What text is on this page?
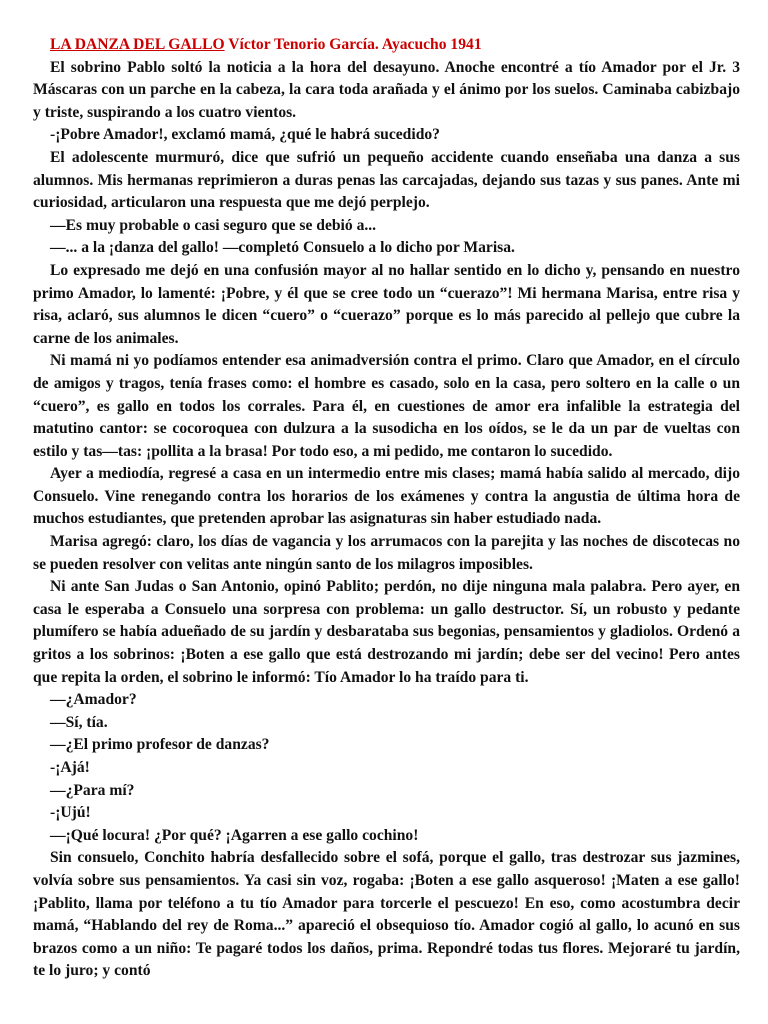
LA DANZA DEL GALLO Víctor Tenorio García. Ayacucho 1941

El sobrino Pablo soltó la noticia a la hora del desayuno. Anoche encontré a tío Amador por el Jr. 3 Máscaras con un parche en la cabeza, la cara toda arañada y el ánimo por los suelos. Caminaba cabizbajo y triste, suspirando a los cuatro vientos.

-¡Pobre Amador!, exclamó mamá, ¿qué le habrá sucedido?

El adolescente murmuró, dice que sufrió un pequeño accidente cuando enseñaba una danza a sus alumnos. Mis hermanas reprimieron a duras penas las carcajadas, dejando sus tazas y sus panes. Ante mi curiosidad, articularon una respuesta que me dejó perplejo.

—Es muy probable o casi seguro que se debió a...

—... a la ¡danza del gallo! —completó Consuelo a lo dicho por Marisa.

Lo expresado me dejó en una confusión mayor al no hallar sentido en lo dicho y, pensando en nuestro primo Amador, lo lamenté: ¡Pobre, y él que se cree todo un “cuerazo”! Mi hermana Marisa, entre risa y risa, aclaró, sus alumnos le dicen “cuero” o “cuerazo” porque es lo más parecido al pellejo que cubre la carne de los animales.

Ni mamá ni yo podíamos entender esa animadversión contra el primo. Claro que Amador, en el círculo de amigos y tragos, tenía frases como: el hombre es casado, solo en la casa, pero soltero en la calle o un “cuero”, es gallo en todos los corrales. Para él, en cuestiones de amor era infalible la estrategia del matutino cantor: se cocoroquea con dulzura a la susodicha en los oídos, se le da un par de vueltas con estilo y tas—tas: ¡pollita a la brasa! Por todo eso, a mi pedido, me contaron lo sucedido.

Ayer a mediodía, regresé a casa en un intermedio entre mis clases; mamá había salido al mercado, dijo Consuelo. Vine renegando contra los horarios de los exámenes y contra la angustia de última hora de muchos estudiantes, que pretenden aprobar las asignaturas sin haber estudiado nada.

Marisa agregó: claro, los días de vagancia y los arrumacos con la parejita y las noches de discotecas no se pueden resolver con velitas ante ningún santo de los milagros imposibles.

Ni ante San Judas o San Antonio, opinó Pablito; perdón, no dije ninguna mala palabra. Pero ayer, en casa le esperaba a Consuelo una sorpresa con problema: un gallo destructor. Sí, un robusto y pedante plumífero se había adueñado de su jardín y desbarataba sus begonias, pensamientos y gladiolos. Ordenó a gritos a los sobrinos: ¡Boten a ese gallo que está destrozando mi jardín; debe ser del vecino! Pero antes que repita la orden, el sobrino le informó: Tío Amador lo ha traído para ti.

—¿Amador?

—Sí, tía.

—¿El primo profesor de danzas?

-¡Ajá!

—¿Para mí?

-¡Ujú!

—¡Qué locura! ¿Por qué? ¡Agarren a ese gallo cochino!

Sin consuelo, Conchito habría desfallecido sobre el sofá, porque el gallo, tras destrozar sus jazmines, volvía sobre sus pensamientos. Ya casi sin voz, rogaba: ¡Boten a ese gallo asqueroso! ¡Maten a ese gallo! ¡Pablito, llama por teléfono a tu tío Amador para torcerle el pescuezo! En eso, como acostumbra decir mamá, “Hablando del rey de Roma...” apareció el obsequioso tío. Amador cogió al gallo, lo acunó en sus brazos como a un niño: Te pagaré todos los daños, prima. Repondré todas tus flores. Mejoraré tu jardín, te lo juro; y contó
